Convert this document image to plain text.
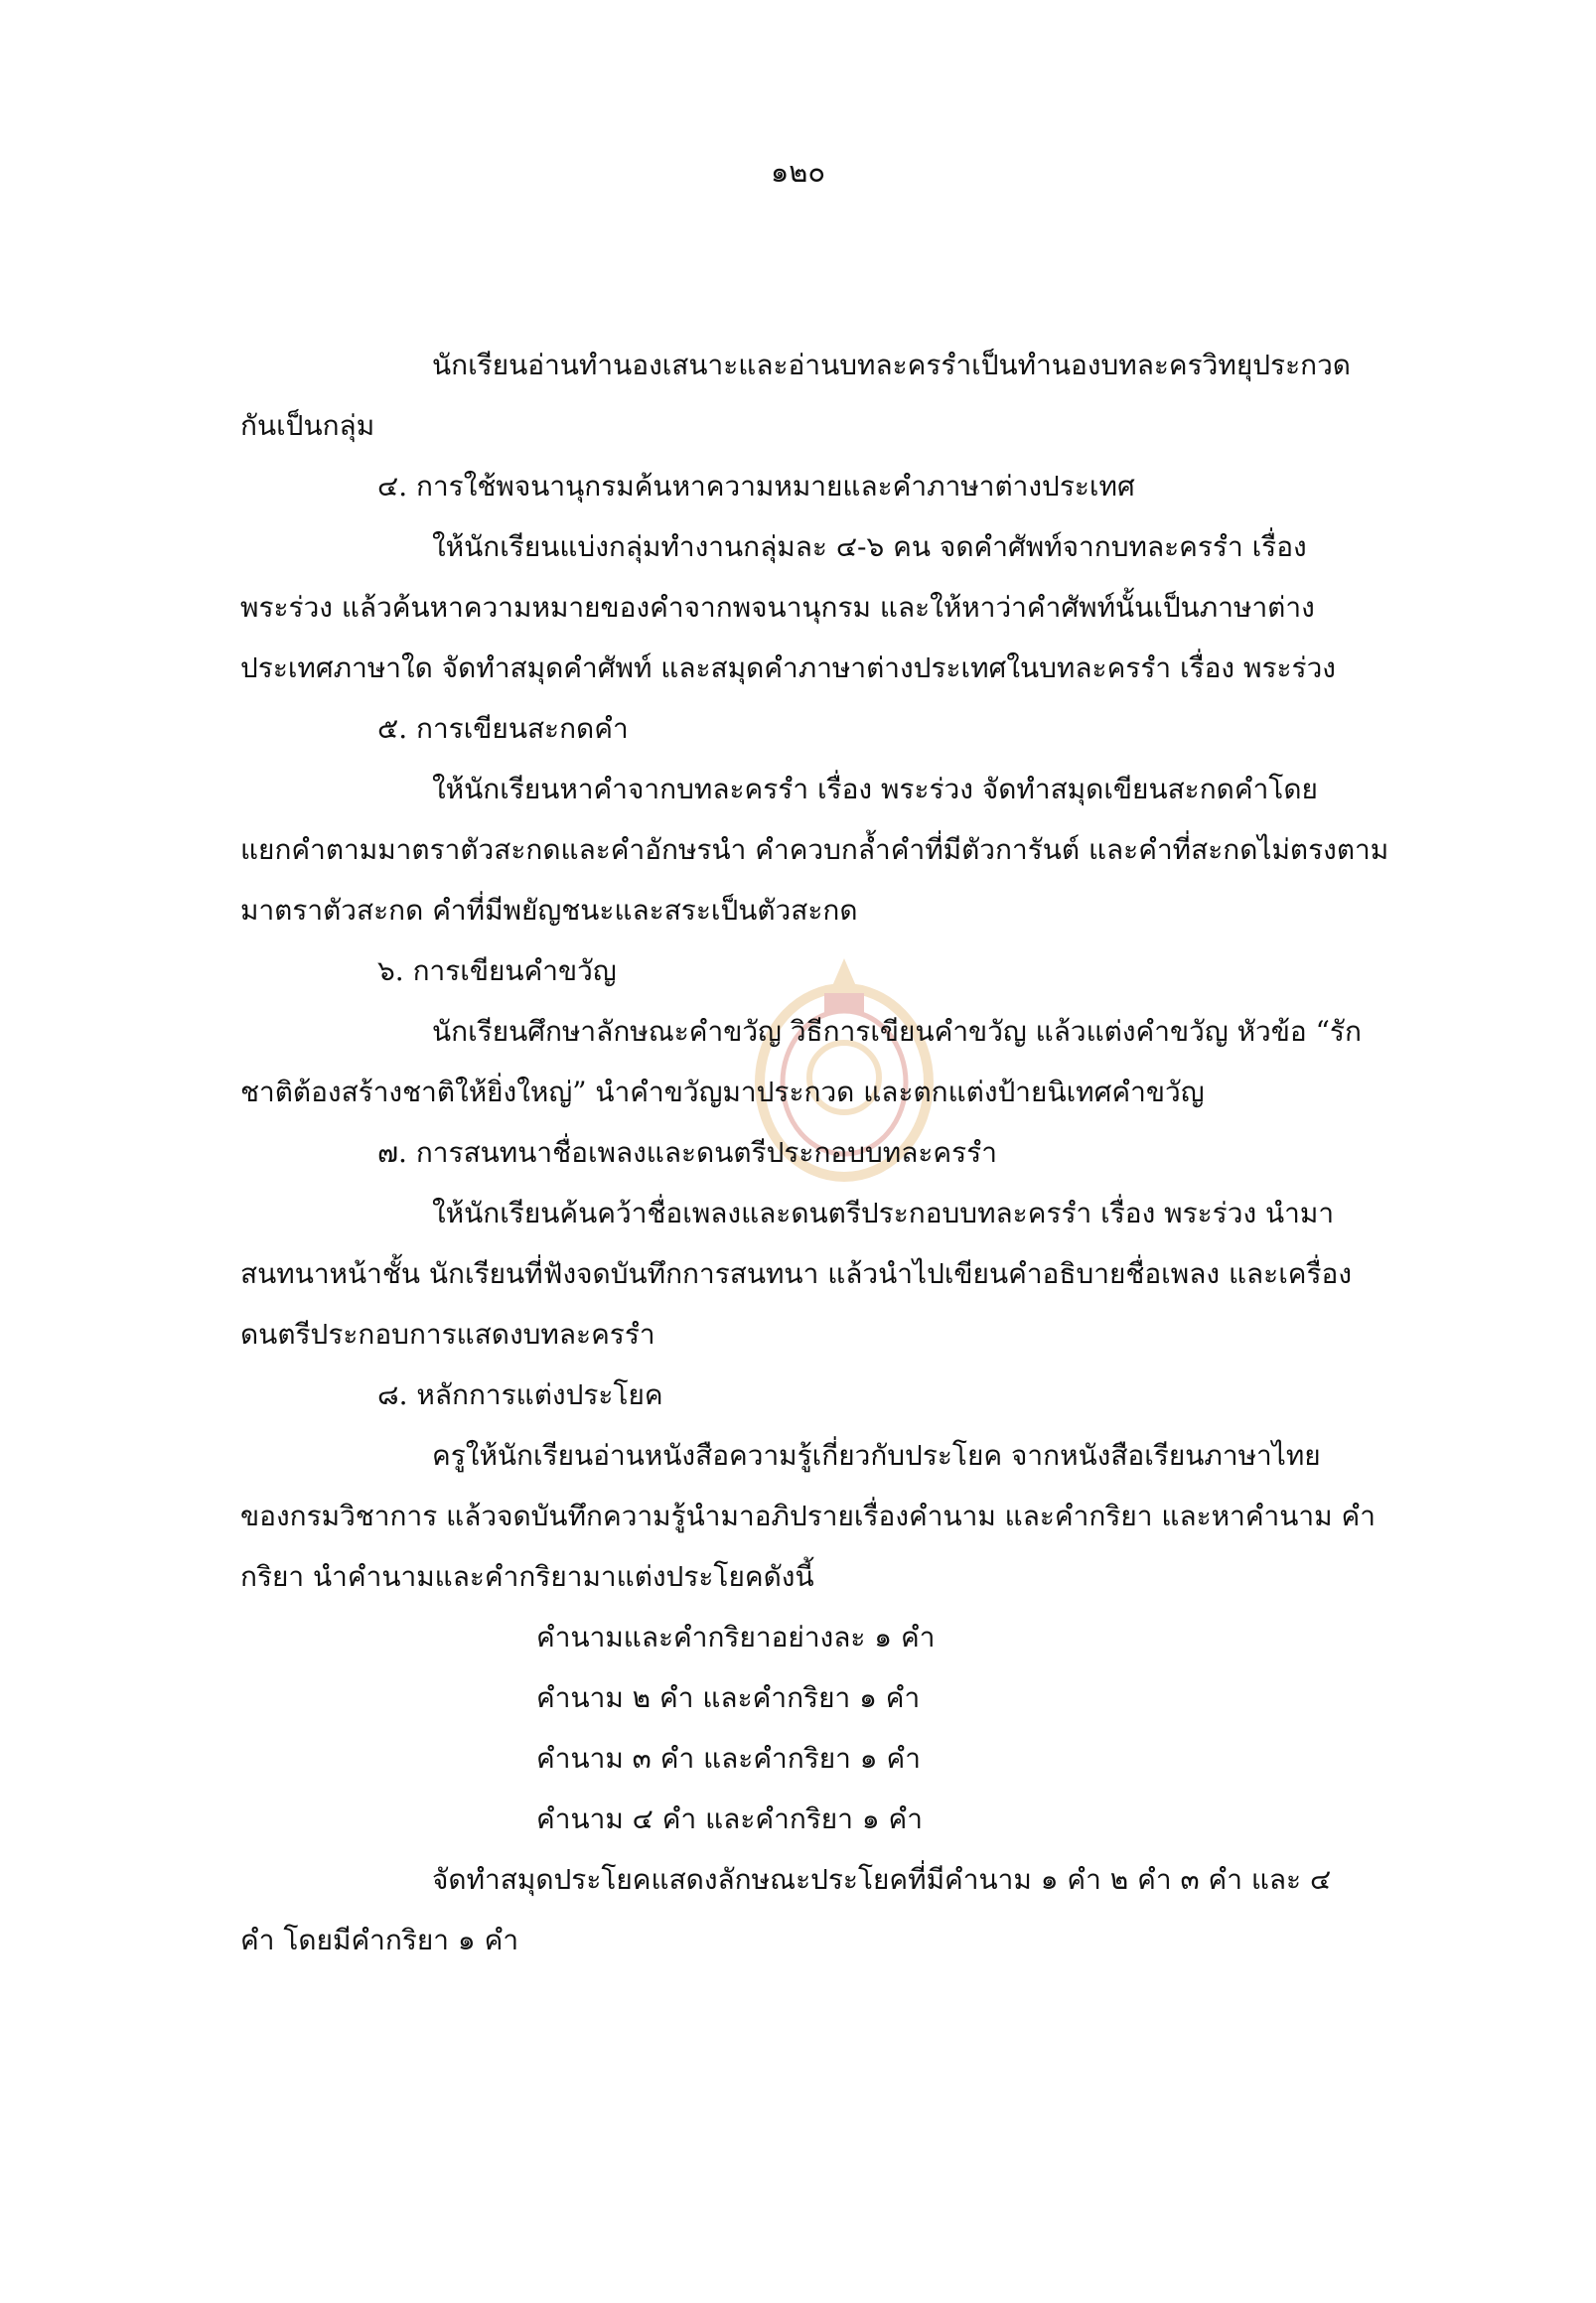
๑๒๐
นักเรียนอ่านทำนองเสนาะและอ่านบทละครรำเป็นทำนองบทละครวิทยุประกวด
กันเป็นกลุ่ม
๔. การใช้พจนานุกรมค้นหาความหมายและคำภาษาต่างประเทศ
ให้นักเรียนแบ่งกลุ่มทำงานกลุ่มละ ๔-๖ คน จดคำศัพท์จากบทละครรำ เรื่อง
พระร่วง แล้วค้นหาความหมายของคำจากพจนานุกรม และให้หาว่าคำศัพท์นั้นเป็นภาษาต่าง
ประเทศภาษาใด จัดทำสมุดคำศัพท์ และสมุดคำภาษาต่างประเทศในบทละครรำ เรื่อง พระร่วง
๕. การเขียนสะกดคำ
ให้นักเรียนหาคำจากบทละครรำ เรื่อง พระร่วง จัดทำสมุดเขียนสะกดคำโดย
แยกคำตามมาตราตัวสะกดและคำอักษรนำ คำควบกล้ำคำที่มีตัวการันต์ และคำที่สะกดไม่ตรงตาม
มาตราตัวสะกด คำที่มีพยัญชนะและสระเป็นตัวสะกด
๖. การเขียนคำขวัญ
นักเรียนศึกษาลักษณะคำขวัญ วิธีการเขียนคำขวัญ แล้วแต่งคำขวัญ หัวข้อ “รัก
ชาติต้องสร้างชาติให้ยิ่งใหญ่” นำคำขวัญมาประกวด และตกแต่งป้ายนิเทศคำขวัญ
๗. การสนทนาชื่อเพลงและดนตรีประกอบบทละครรำ
ให้นักเรียนค้นคว้าชื่อเพลงและดนตรีประกอบบทละครรำ เรื่อง พระร่วง นำมา
สนทนาหน้าชั้น นักเรียนที่ฟังจดบันทึกการสนทนา แล้วนำไปเขียนคำอธิบายชื่อเพลง และเครื่อง
ดนตรีประกอบการแสดงบทละครรำ
๘. หลักการแต่งประโยค
ครูให้นักเรียนอ่านหนังสือความรู้เกี่ยวกับประโยค จากหนังสือเรียนภาษาไทย
ของกรมวิชาการ แล้วจดบันทึกความรู้นำมาอภิปรายเรื่องคำนาม และคำกริยา และหาคำนาม คำ
กริยา นำคำนามและคำกริยามาแต่งประโยคดังนี้
คำนามและคำกริยาอย่างละ ๑ คำ
คำนาม ๒ คำ และคำกริยา ๑ คำ
คำนาม ๓ คำ และคำกริยา ๑ คำ
คำนาม ๔ คำ และคำกริยา ๑ คำ
จัดทำสมุดประโยคแสดงลักษณะประโยคที่มีคำนาม ๑ คำ ๒ คำ ๓ คำ และ ๔
คำ โดยมีคำกริยา ๑ คำ
